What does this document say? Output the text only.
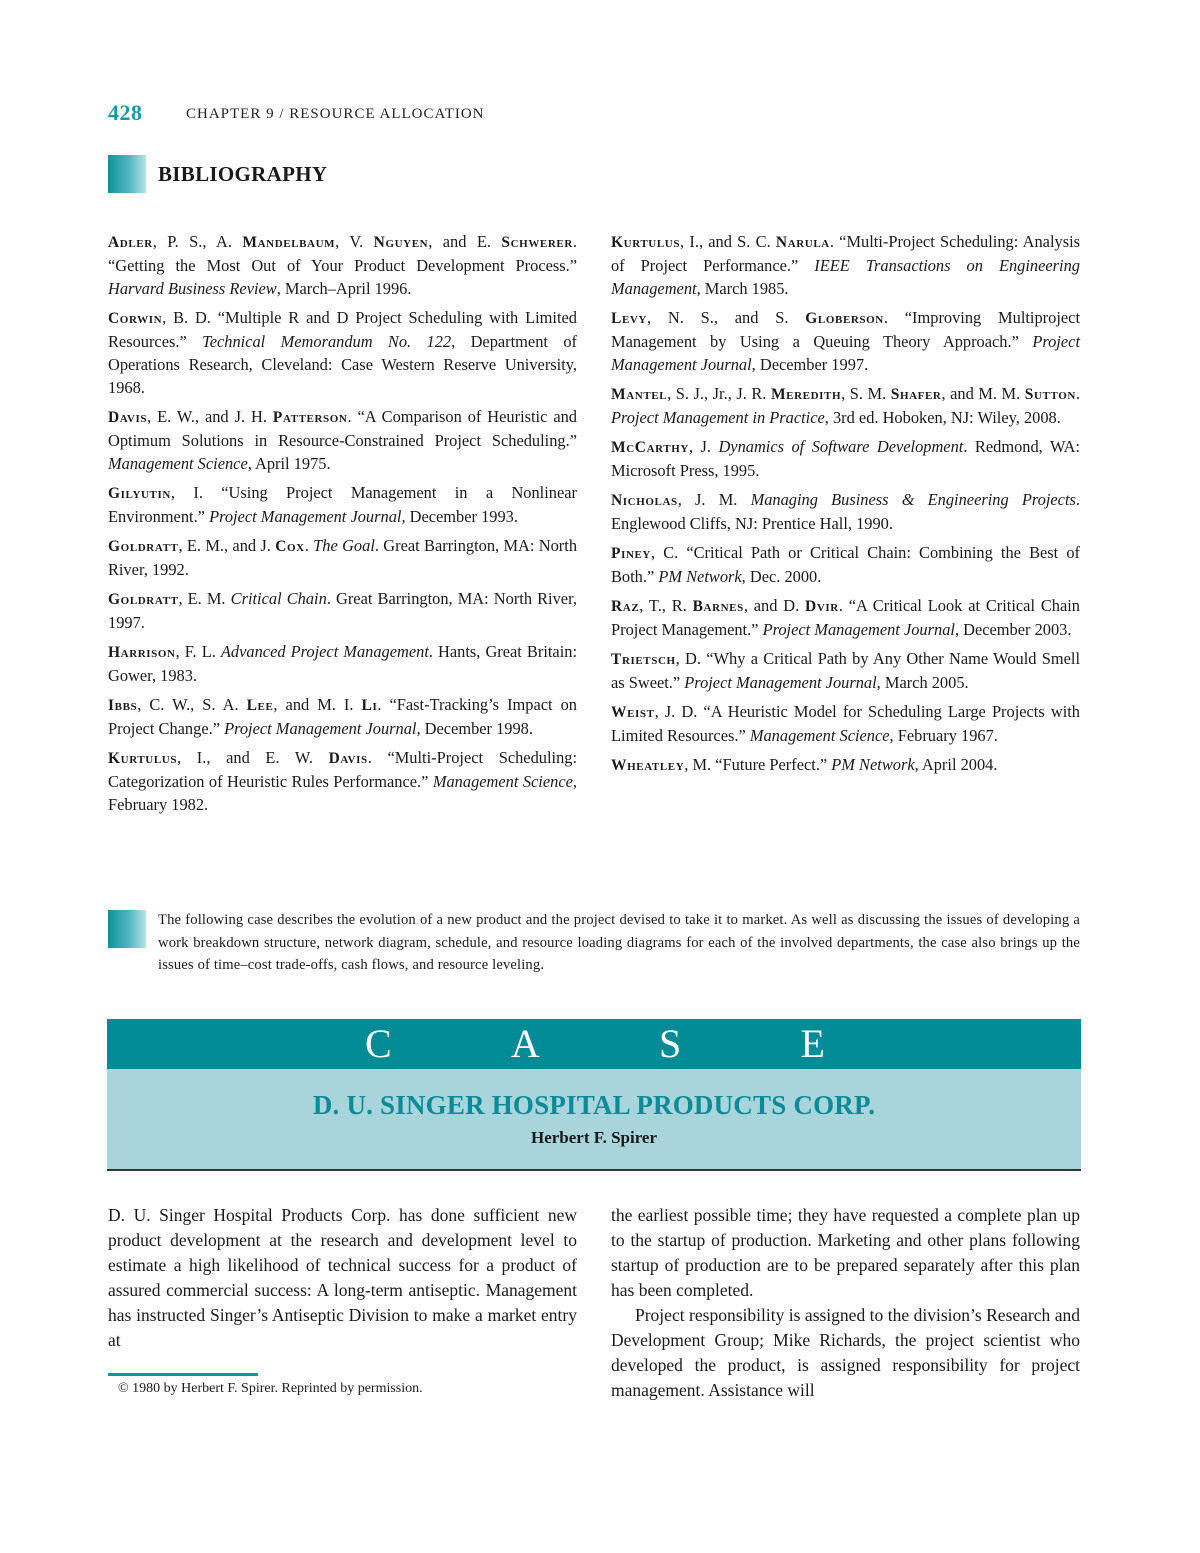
428	CHAPTER 9 / RESOURCE ALLOCATION
BIBLIOGRAPHY

Adler, P. S., A. Mandelbaum, V. Nguyen, and E. Schwerer. “Getting the Most Out of Your Product Development Process.” Harvard Business Review, March–April 1996.

Corwin, B. D. “Multiple R and D Project Scheduling with Limited Resources.” Technical Memorandum No. 122, Department of Operations Research, Cleveland: Case Western Reserve University, 1968.

Davis, E. W., and J. H. Patterson. “A Comparison of Heuristic and Optimum Solutions in Resource-Constrained Project Scheduling.” Management Science, April 1975.

Gilyutin, I. “Using Project Management in a Nonlinear Environment.” Project Management Journal, December 1993.

Goldratt, E. M., and J. Cox. The Goal. Great Barrington, MA: North River, 1992.

Goldratt, E. M. Critical Chain. Great Barrington, MA: North River, 1997.

Harrison, F. L. Advanced Project Management. Hants, Great Britain: Gower, 1983.

Ibbs, C. W., S. A. Lee, and M. I. Li. “Fast-Tracking’s Impact on Project Change.” Project Management Journal, December 1998.

Kurtulus, I., and E. W. Davis. “Multi-Project Scheduling: Categorization of Heuristic Rules Performance.” Management Science, February 1982.

Kurtulus, I., and S. C. Narula. “Multi-Project Scheduling: Analysis of Project Performance.” IEEE Transactions on Engineering Management, March 1985.

Levy, N. S., and S. Globerson. “Improving Multiproject Management by Using a Queuing Theory Approach.” Project Management Journal, December 1997.

Mantel, S. J., Jr., J. R. Meredith, S. M. Shafer, and M. M. Sutton. Project Management in Practice, 3rd ed. Hoboken, NJ: Wiley, 2008.

McCarthy, J. Dynamics of Software Development. Redmond, WA: Microsoft Press, 1995.

Nicholas, J. M. Managing Business & Engineering Projects. Englewood Cliffs, NJ: Prentice Hall, 1990.

Piney, C. “Critical Path or Critical Chain: Combining the Best of Both.” PM Network, Dec. 2000.

Raz, T., R. Barnes, and D. Dvir. “A Critical Look at Critical Chain Project Management.” Project Management Journal, December 2003.

Trietsch, D. “Why a Critical Path by Any Other Name Would Smell as Sweet.” Project Management Journal, March 2005.

Weist, J. D. “A Heuristic Model for Scheduling Large Projects with Limited Resources.” Management Science, February 1967.

Wheatley, M. “Future Perfect.” PM Network, April 2004.

The following case describes the evolution of a new product and the project devised to take it to market. As well as discussing the issues of developing a work breakdown structure, network diagram, schedule, and resource loading diagrams for each of the involved departments, the case also brings up the issues of time–cost trade-offs, cash flows, and resource leveling.
C	A	S	E
D. U. SINGER HOSPITAL PRODUCTS CORP.
Herbert F. Spirer

D. U. Singer Hospital Products Corp. has done sufficient new product development at the research and development level to estimate a high likelihood of technical success for a product of assured commercial success: A long-term antiseptic. Management has instructed Singer’s Antiseptic Division to make a market entry at

the earliest possible time; they have requested a complete plan up to the startup of production. Marketing and other plans following startup of production are to be prepared separately after this plan has been completed.

Project responsibility is assigned to the division’s Research and Development Group; Mike Richards, the project scientist who developed the product, is assigned responsibility for project management. Assistance will

© 1980 by Herbert F. Spirer. Reprinted by permission.
